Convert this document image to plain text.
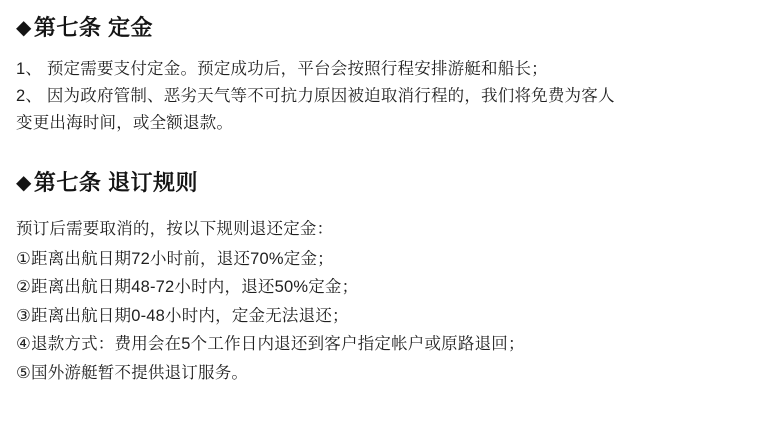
◆ 第七条 定金

1、 预定需要支付定金。预定成功后，平台会按照行程安排游艇和船长；
2、 因为政府管制、恶劣天气等不可抗力原因被迫取消行程的，我们将免费为客人
变更出海时间，或全额退款。

◆ 第七条 退订规则

预订后需要取消的，按以下规则退还定金：

①距离出航日期72小时前，退还70%定金；
②距离出航日期48-72小时内，退还50%定金；
③距离出航日期0-48小时内，定金无法退还；
④退款方式：费用会在5个工作日内退还到客户指定帐户或原路退回；
⑤国外游艇暂不提供退订服务。
